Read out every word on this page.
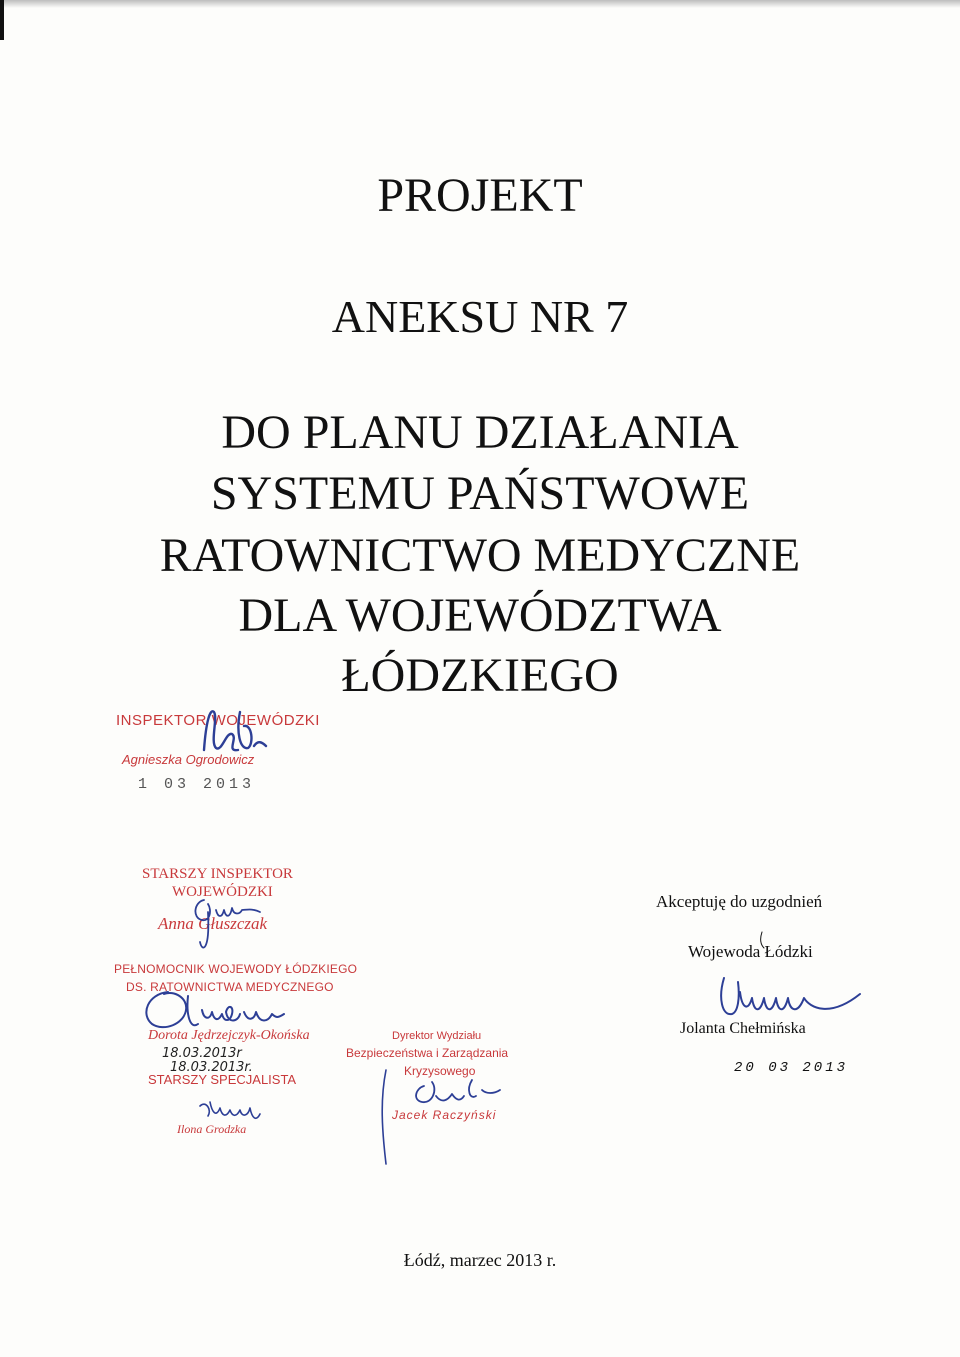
PROJEKT
ANEKSU NR 7
DO PLANU DZIAŁANIA
SYSTEMU PAŃSTWOWE
RATOWNICTWO MEDYCZNE
DLA WOJEWÓDZTWA
ŁÓDZKIEGO
INSPEKTOR WOJEWÓDZKI
Agnieszka Ogrodowicz
1 03 2013
STARSZY INSPEKTOR
WOJEWÓDZKI
Anna Głuszczak
PEŁNOMOCNIK WOJEWODY ŁÓDZKIEGO
DS. RATOWNICTWA MEDYCZNEGO
Dorota Jędrzejczyk-Okońska
18.03.2013r
18.03.2013r.
STARSZY SPECJALISTA
Ilona Grodzka
Dyrektor Wydziału
Bezpieczeństwa i Zarządzania
Kryzysowego
Jacek Raczyński
Akceptuję do uzgodnień
Wojewoda Łódzki
Jolanta Chełmińska
20 03 2013
Łódź, marzec 2013 r.
